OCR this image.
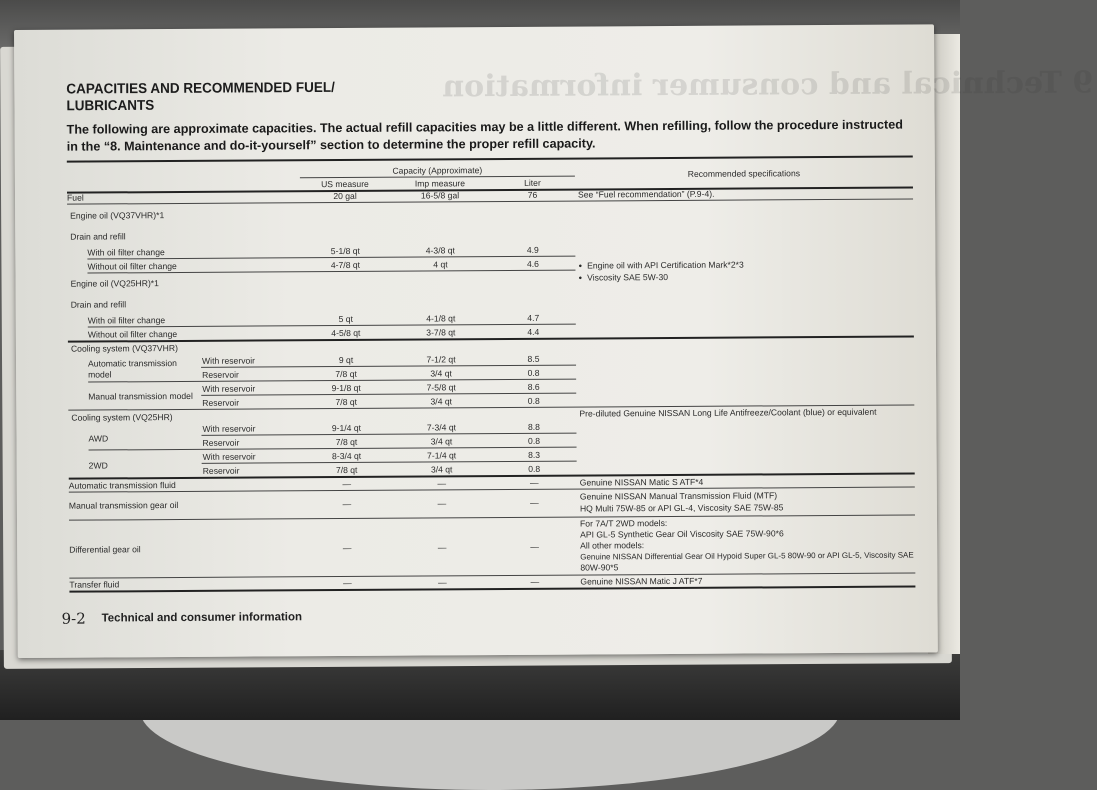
9 Technical and consumer information
CAPACITIES AND RECOMMENDED FUEL/ LUBRICANTS
The following are approximate capacities. The actual refill capacities may be a little different. When refilling, follow the procedure instructed in the “8. Maintenance and do-it-yourself” section to determine the proper refill capacity.
Capacity (Approximate)
US measure	Imp measure	Liter
Recommended specifications
Fuel	20 gal	16-5/8 gal	76	See “Fuel recommendation” (P.9-4).
Engine oil (VQ37VHR)*1
Drain and refill
With oil filter change	5-1/8 qt	4-3/8 qt	4.9
Without oil filter change	4-7/8 qt	4 qt	4.6
●	Engine oil with API Certification Mark*2*3
● Viscosity SAE 5W-30
Engine oil (VQ25HR)*1
Drain and refill
With oil filter change	5 qt	4-1/8 qt	4.7
Without oil filter change	4-5/8 qt	3-7/8 qt	4.4
Cooling system (VQ37VHR)
Automatic transmission model
With reservoir	9 qt	7-1/2 qt	8.5
Reservoir	7/8 qt	3/4 qt	0.8
Manual transmission model
With reservoir	9-1/8 qt	7-5/8 qt	8.6
Reservoir	7/8 qt	3/4 qt	0.8
Cooling system (VQ25HR)	Pre-diluted Genuine NISSAN Long Life Antifreeze/Coolant (blue) or equivalent
AWD
With reservoir	9-1/4 qt	7-3/4 qt	8.8
Reservoir	7/8 qt	3/4 qt	0.8
2WD
With reservoir	8-3/4 qt	7-1/4 qt	8.3
Reservoir	7/8 qt	3/4 qt	0.8
Automatic transmission fluid	—	—	—	Genuine NISSAN Matic S ATF*4
Manual transmission gear oil	—	—	—
Genuine NISSAN Manual Transmission Fluid (MTF)
HQ Multi 75W-85 or API GL-4, Viscosity SAE 75W-85
Differential gear oil	—	—	—
For 7A/T 2WD models:
API GL-5 Synthetic Gear Oil Viscosity SAE 75W-90*6
All other models:
Genuine NISSAN Differential Gear Oil Hypoid Super GL-5 80W-90 or API GL-5, Viscosity SAE
80W-90*5
Transfer fluid	—	—	—	Genuine NISSAN Matic J ATF*7
9-2 Technical and consumer information
